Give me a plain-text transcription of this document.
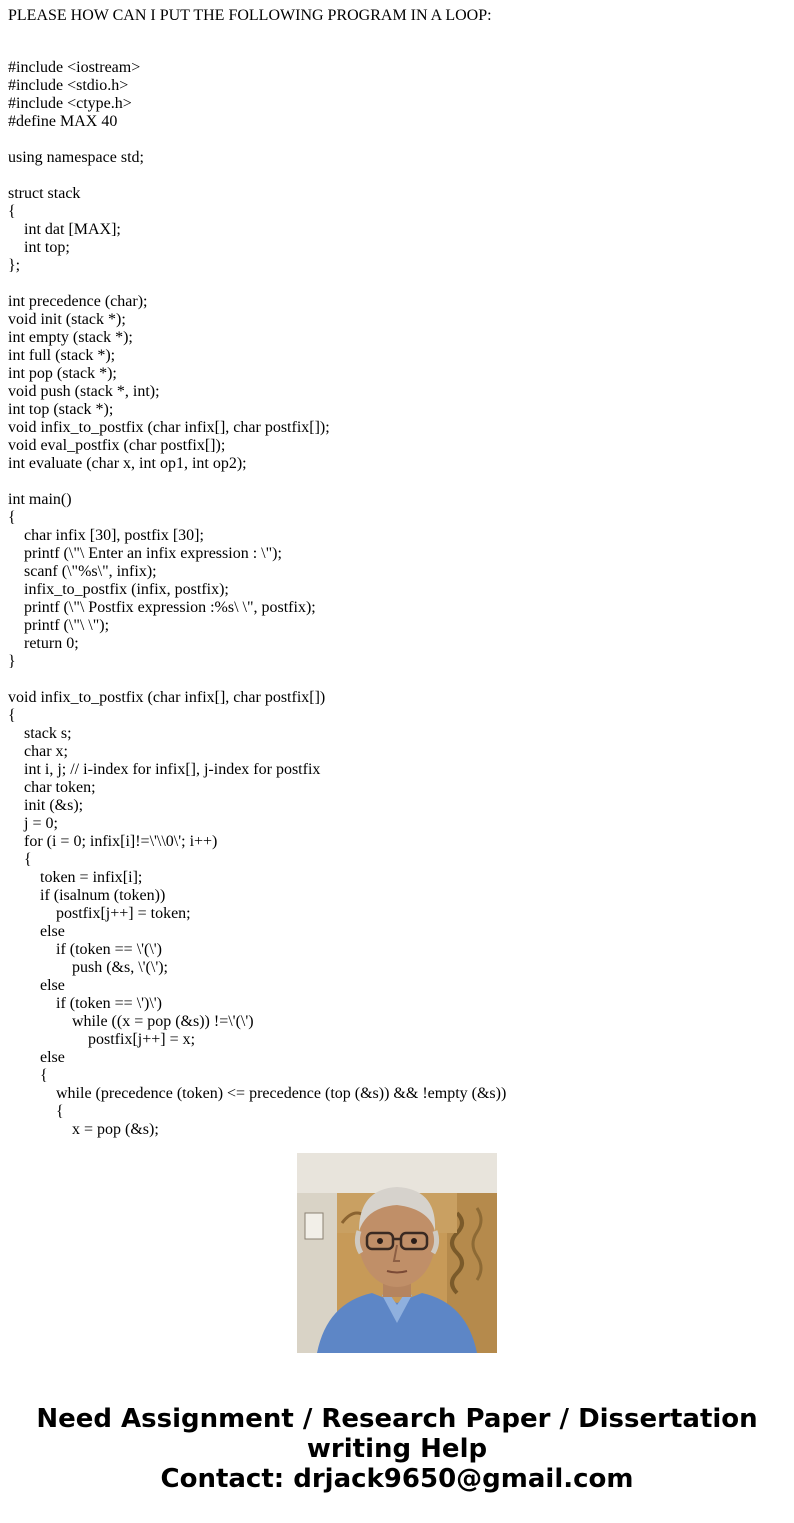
PLEASE HOW CAN I PUT THE FOLLOWING PROGRAM IN A LOOP:

#include <iostream>
#include <stdio.h>
#include <ctype.h>
#define MAX 40

using namespace std;

struct stack
{
int dat [MAX];
int top;
};

int precedence (char);
void init (stack *);
int empty (stack *);
int full (stack *);
int pop (stack *);
void push (stack *, int);
int top (stack *);
void infix_to_postfix (char infix[], char postfix[]);
void eval_postfix (char postfix[]);
int evaluate (char x, int op1, int op2);

int main()
{
char infix [30], postfix [30];
printf (\"\ Enter an infix expression : \");
scanf (\"%s\", infix);
infix_to_postfix (infix, postfix);
printf (\"\ Postfix expression :%s\ \", postfix);
printf (\"\ \");
return 0;
}

void infix_to_postfix (char infix[], char postfix[])
{
stack s;
char x;
int i, j; // i-index for infix[], j-index for postfix
char token;
init (&s);
j = 0;
for (i = 0; infix[i]!=\'\\0\'; i++)
{
token = infix[i];
if (isalnum (token))
postfix[j++] = token;
else
if (token == \'(\')
push (&s, \'(\');
else
if (token == \')\')
while ((x = pop (&s)) !=\'(\')
postfix[j++] = x;
else
{
while (precedence (token) <= precedence (top (&s)) && !empty (&s))
{
x = pop (&s);
Need Assignment / Research Paper / Dissertation
writing Help
Contact: drjack9650@gmail.com
